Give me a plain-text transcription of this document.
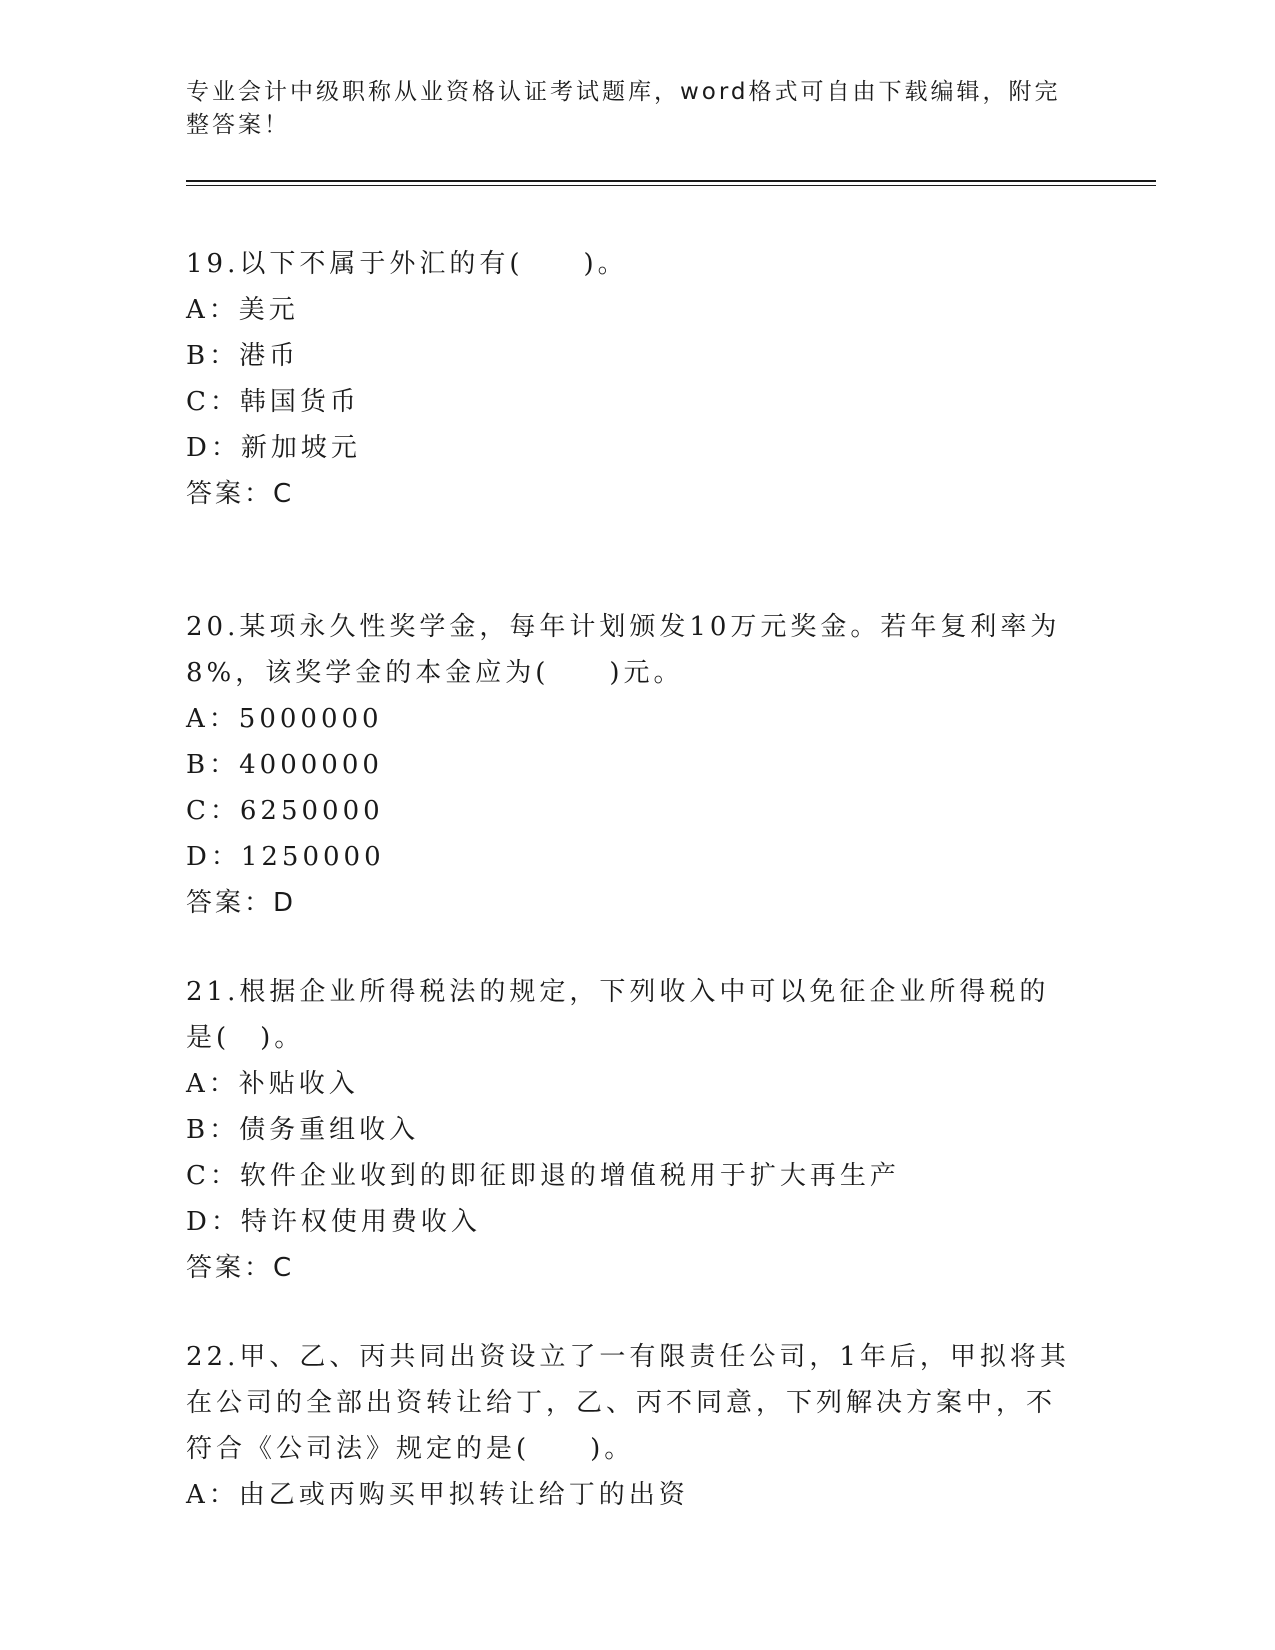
专业会计中级职称从业资格认证考试题库，word格式可自由下载编辑，附完整答案！

19.以下不属于外汇的有(　　)。
A：美元
B：港币
C：韩国货币
D：新加坡元
答案：C
20.某项永久性奖学金，每年计划颁发10万元奖金。若年复利率为8%，该奖学金的本金应为(　　)元。
A：5000000
B：4000000
C：6250000
D：1250000
答案：D
21.根据企业所得税法的规定，下列收入中可以免征企业所得税的是(　)。
A：补贴收入
B：债务重组收入
C：软件企业收到的即征即退的增值税用于扩大再生产
D：特许权使用费收入
答案：C
22.甲、乙、丙共同出资设立了一有限责任公司，1年后，甲拟将其在公司的全部出资转让给丁，乙、丙不同意，下列解决方案中，不符合《公司法》规定的是(　　)。
A：由乙或丙购买甲拟转让给丁的出资
